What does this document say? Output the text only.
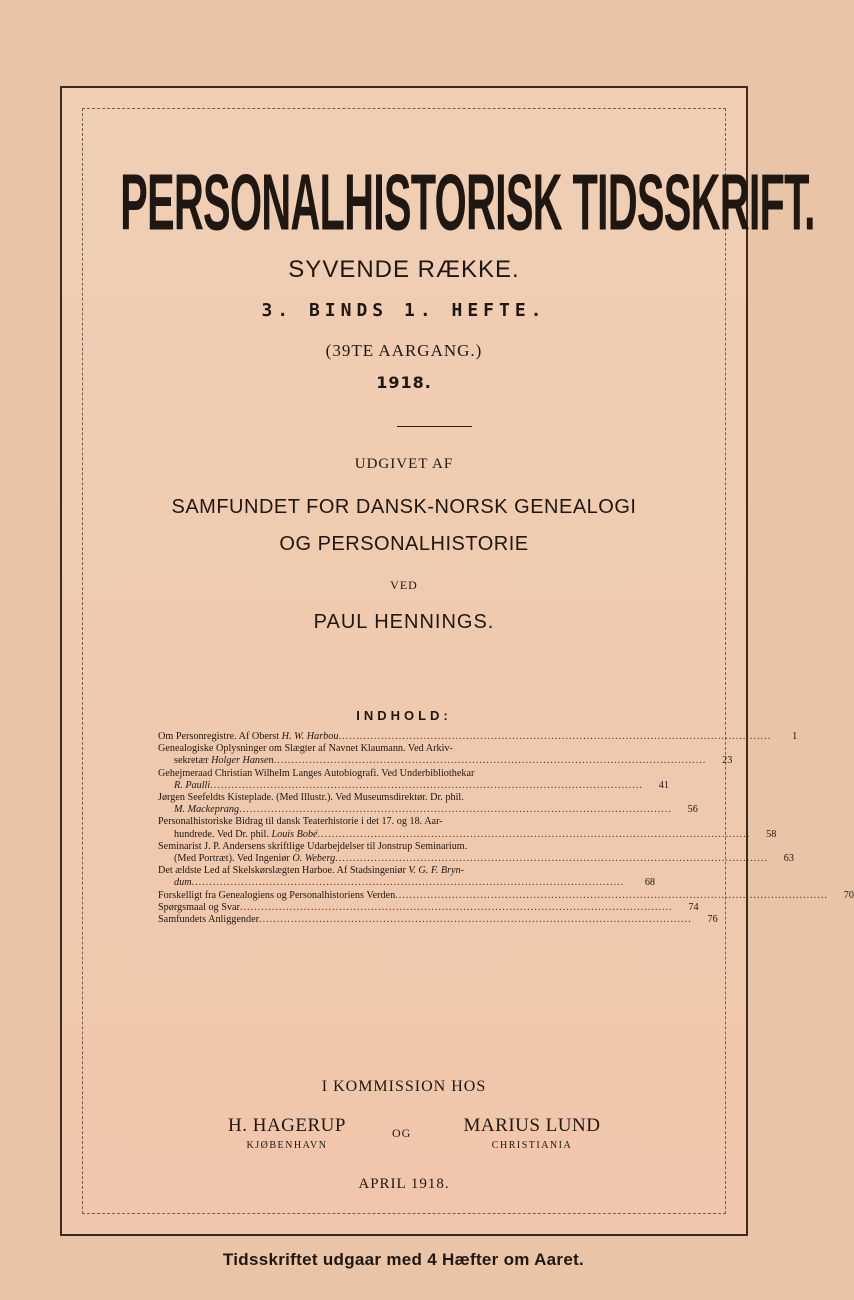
PERSONALHISTORISK TIDSSKRIFT.
SYVENDE RÆKKE.
3. BINDS 1. HEFTE.
(39TE AARGANG.)
1918.
UDGIVET AF
SAMFUNDET FOR DANSK-NORSK GENEALOGI
OG PERSONALHISTORIE
VED
PAUL HENNINGS.
INDHOLD:
Om Personregistre. Af Oberst H. W. Harbou ..........................................................................................................................	1
Genealogiske Oplysninger om Slægter af Navnet Klaumann. Ved Arkiv-
sekretær Holger Hansen ..........................................................................................................................	23
Gehejmeraad Christian Wilhelm Langes Autobiografi. Ved Underbibliothekar
R. Paulli ..........................................................................................................................	41
Jørgen Seefeldts Kisteplade. (Med Illustr.). Ved Museumsdirektør. Dr. phil.
M. Mackeprang ..........................................................................................................................	56
Personalhistoriske Bidrag til dansk Teaterhistorie i det 17. og 18. Aar-
hundrede. Ved Dr. phil. Louis Bobé ..........................................................................................................................	58
Seminarist J. P. Andersens skriftlige Udarbejdelser til Jonstrup Seminarium.
(Med Portræt). Ved Ingeniør O. Weberg ..........................................................................................................................	63
Det ældste Led af Skelskørslægten Harboe. Af Stadsingeniør V. G. F. Bryn-
dum ..........................................................................................................................	68
Forskelligt fra Genealogiens og Personalhistoriens Verden ..........................................................................................................................	70
Spørgsmaal og Svar ..........................................................................................................................	74
Samfundets Anliggender ..........................................................................................................................	76
I KOMMISSION HOS
H. HAGERUP
KJØBENHAVN
OG	MARIUS LUND
CHRISTIANIA
APRIL 1918.
Tidsskriftet udgaar med 4 Hæfter om Aaret.
